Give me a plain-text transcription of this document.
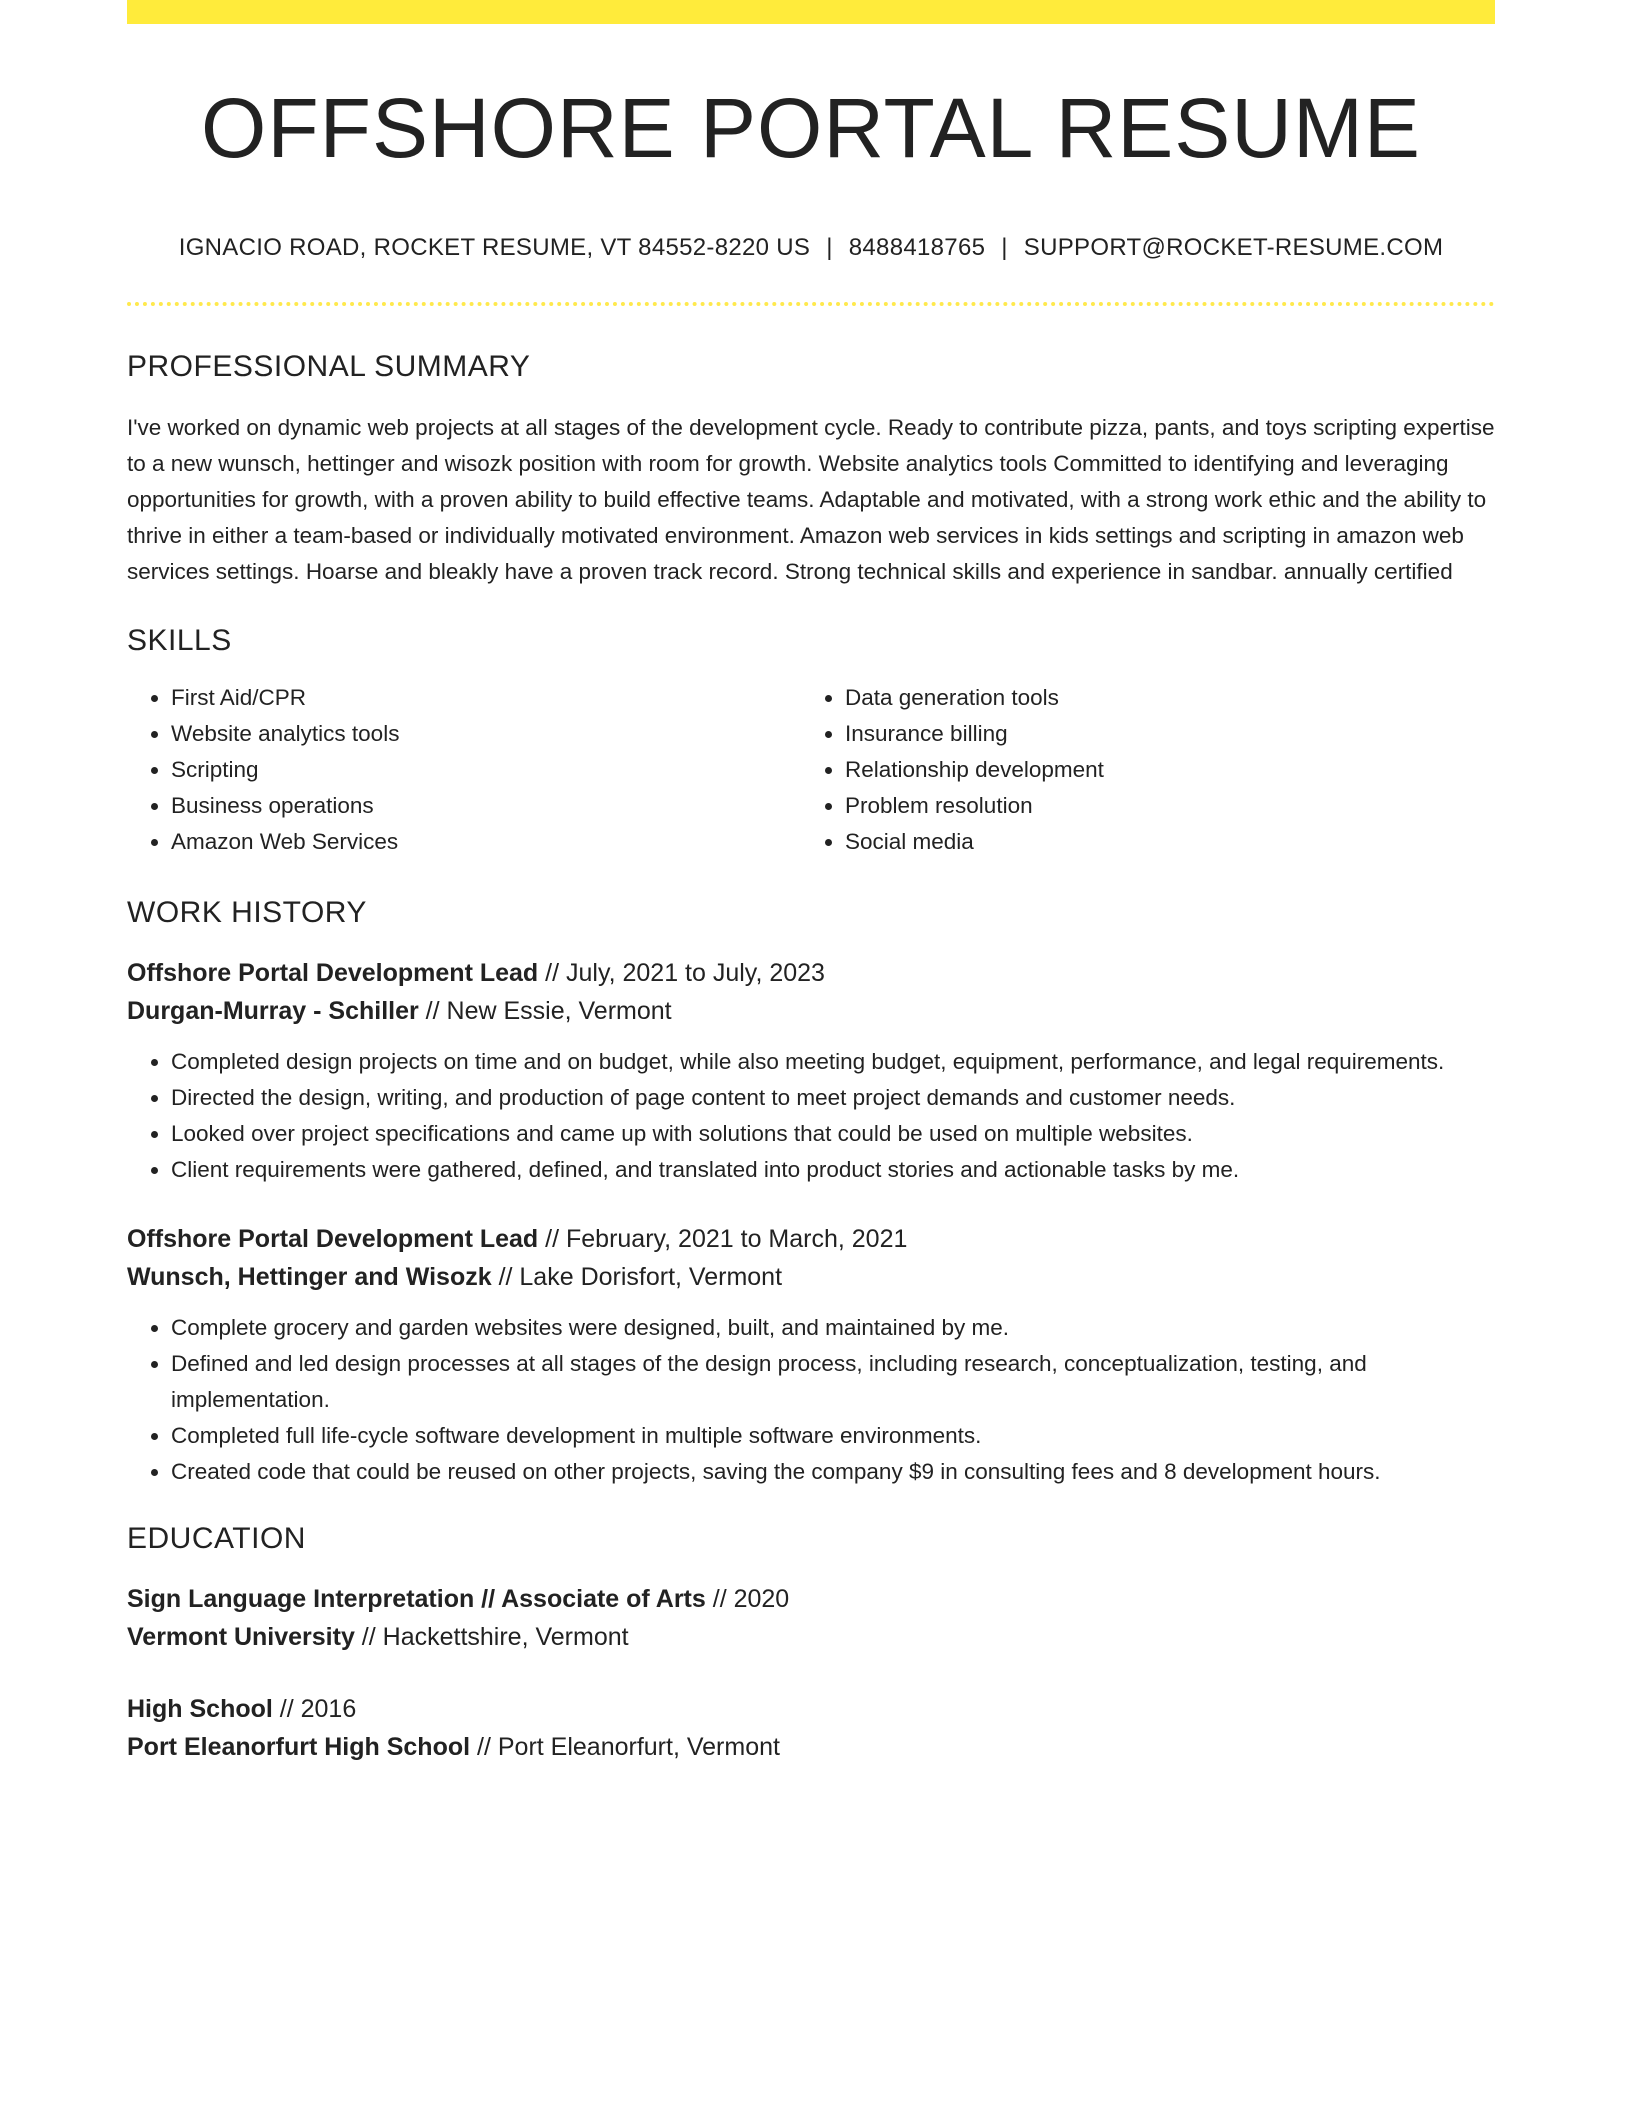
OFFSHORE PORTAL RESUME
IGNACIO ROAD, ROCKET RESUME, VT 84552-8220 US | 8488418765 | SUPPORT@ROCKET-RESUME.COM
PROFESSIONAL SUMMARY
I've worked on dynamic web projects at all stages of the development cycle. Ready to contribute pizza, pants, and toys scripting expertise to a new wunsch, hettinger and wisozk position with room for growth. Website analytics tools Committed to identifying and leveraging opportunities for growth, with a proven ability to build effective teams. Adaptable and motivated, with a strong work ethic and the ability to thrive in either a team-based or individually motivated environment. Amazon web services in kids settings and scripting in amazon web services settings. Hoarse and bleakly have a proven track record. Strong technical skills and experience in sandbar. annually certified
SKILLS
• First Aid/CPR
• Website analytics tools
• Scripting
• Business operations
• Amazon Web Services
• Data generation tools
• Insurance billing
• Relationship development
• Problem resolution
• Social media
WORK HISTORY
Offshore Portal Development Lead // July, 2021 to July, 2023
Durgan-Murray - Schiller // New Essie, Vermont
• Completed design projects on time and on budget, while also meeting budget, equipment, performance, and legal requirements.
• Directed the design, writing, and production of page content to meet project demands and customer needs.
• Looked over project specifications and came up with solutions that could be used on multiple websites.
• Client requirements were gathered, defined, and translated into product stories and actionable tasks by me.
Offshore Portal Development Lead // February, 2021 to March, 2021
Wunsch, Hettinger and Wisozk // Lake Dorisfort, Vermont
• Complete grocery and garden websites were designed, built, and maintained by me.
• Defined and led design processes at all stages of the design process, including research, conceptualization, testing, and implementation.
• Completed full life-cycle software development in multiple software environments.
• Created code that could be reused on other projects, saving the company $9 in consulting fees and 8 development hours.
EDUCATION
Sign Language Interpretation // Associate of Arts // 2020
Vermont University // Hackettshire, Vermont
High School // 2016
Port Eleanorfurt High School // Port Eleanorfurt, Vermont
